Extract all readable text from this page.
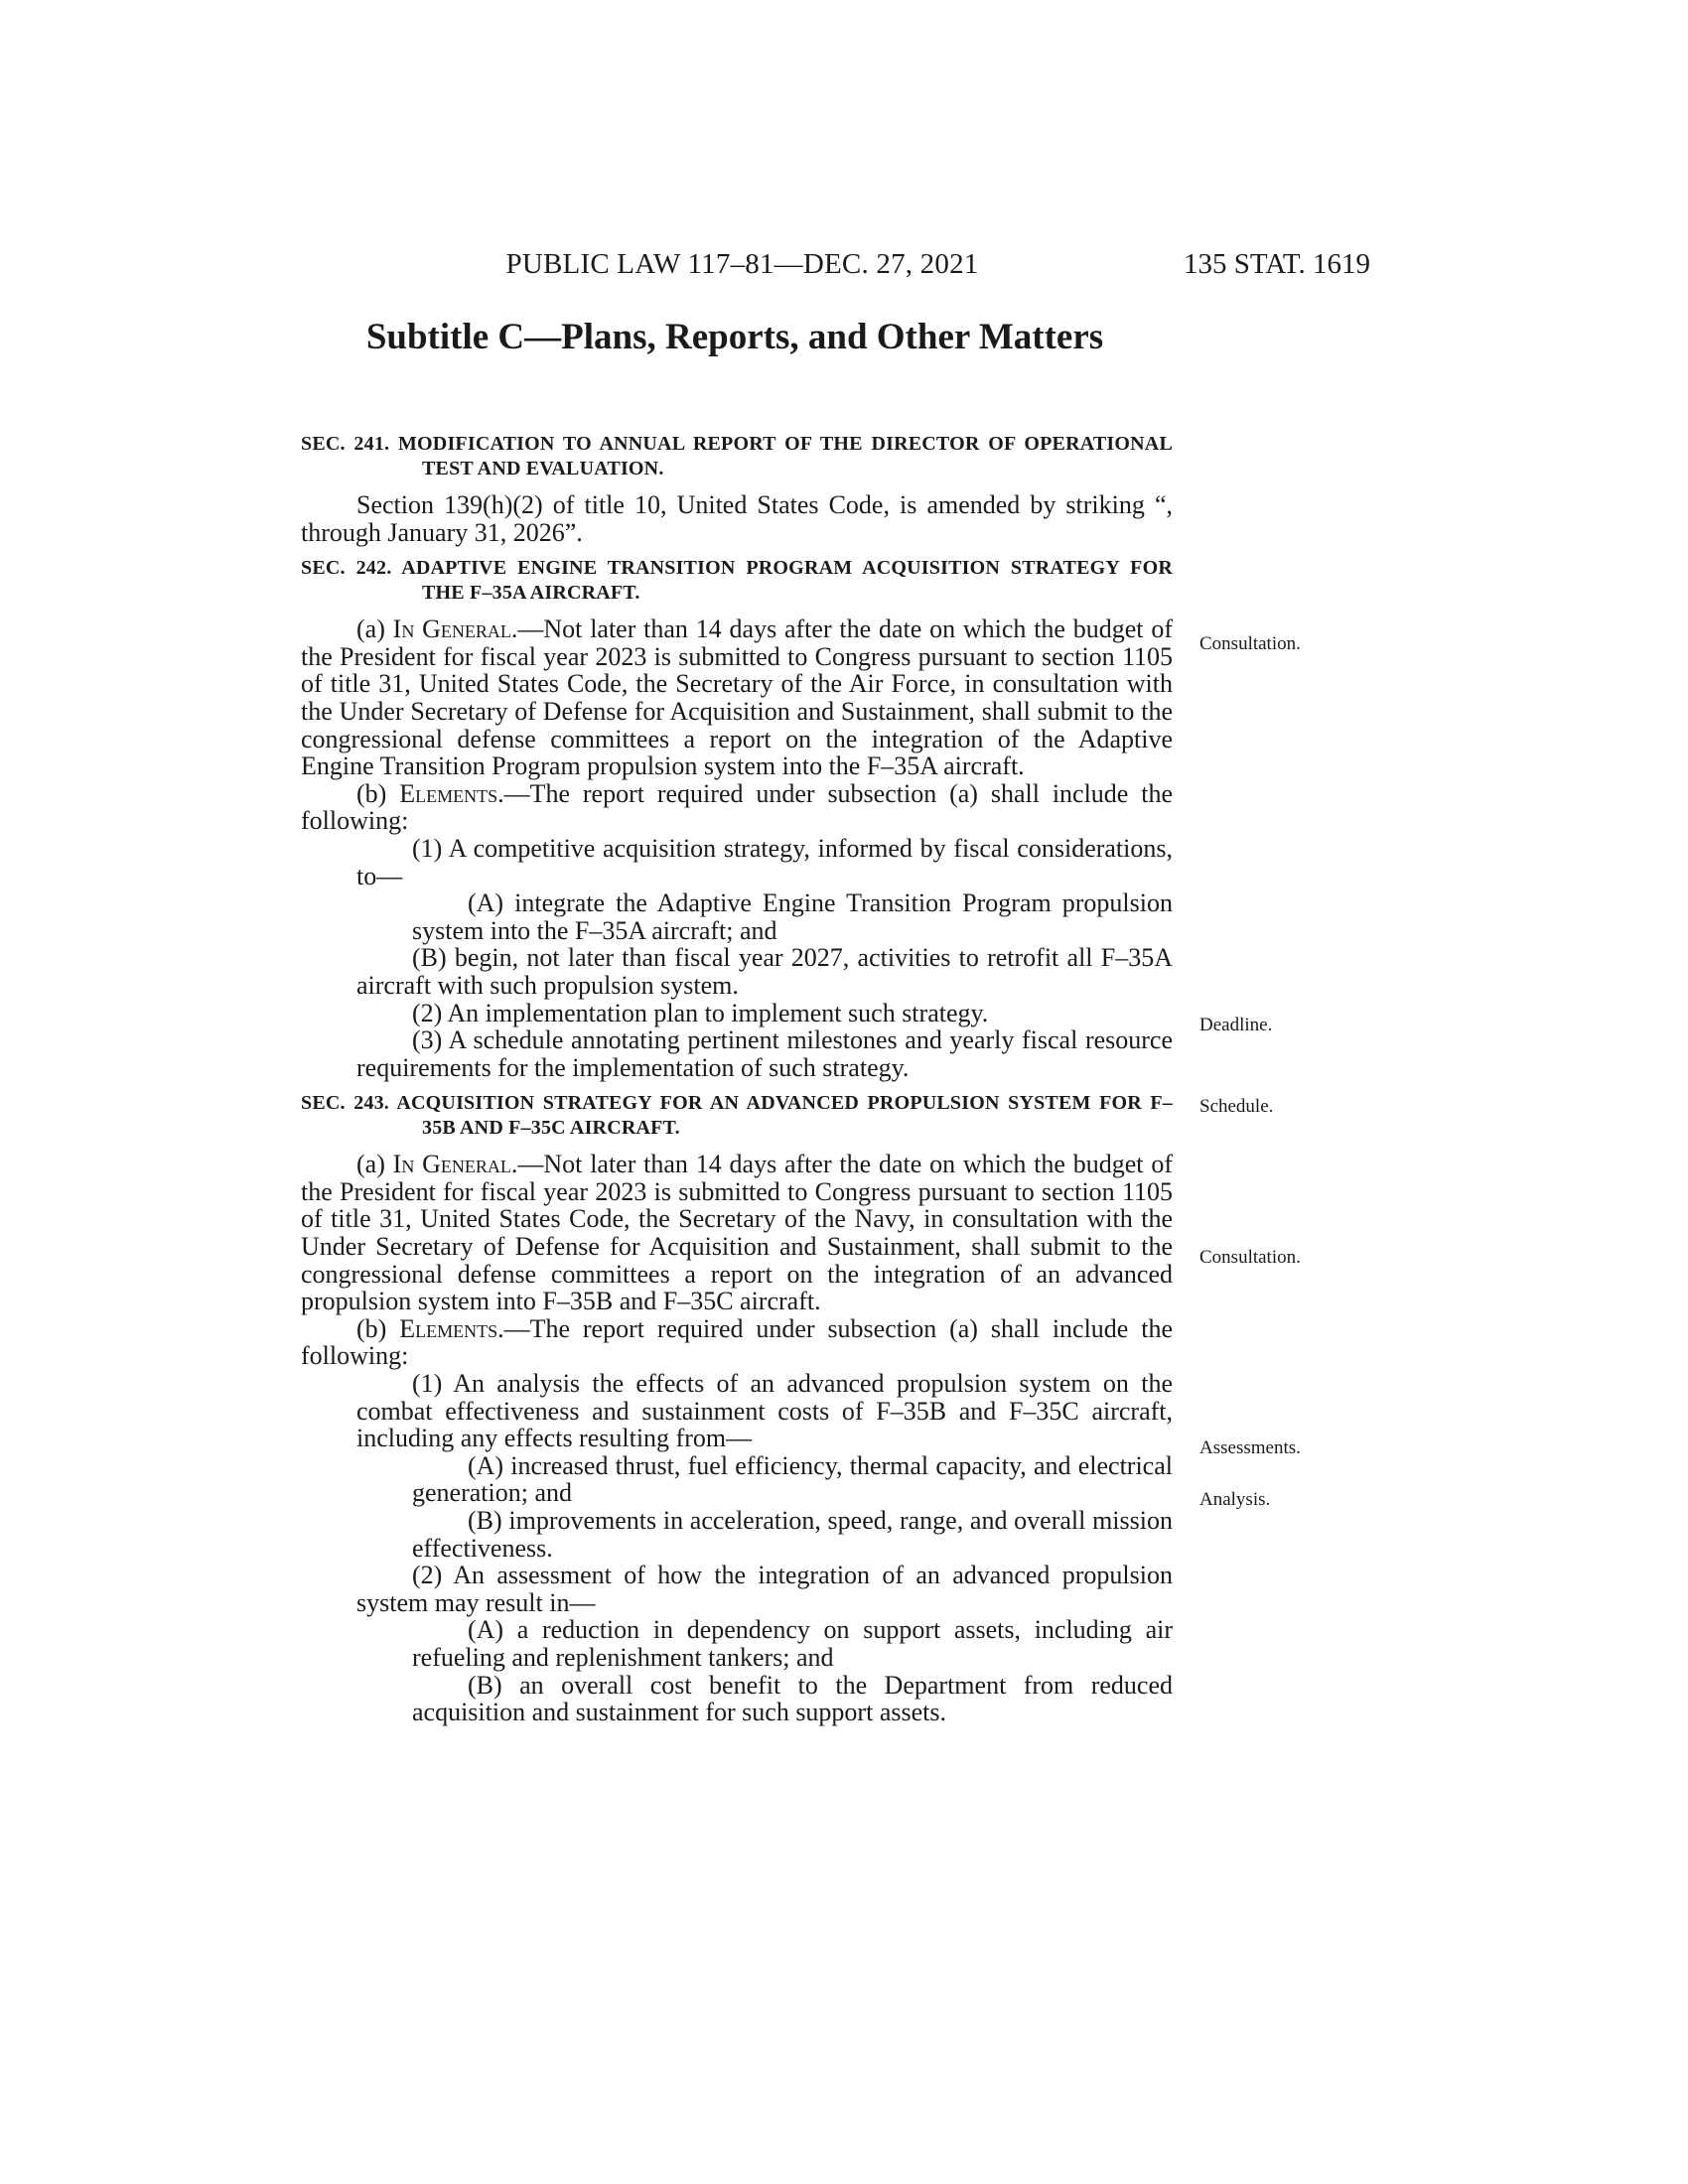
PUBLIC LAW 117–81—DEC. 27, 2021	135 STAT. 1619
Subtitle C—Plans, Reports, and Other Matters

SEC. 241. MODIFICATION TO ANNUAL REPORT OF THE DIRECTOR OF OPERATIONAL TEST AND EVALUATION.

Section 139(h)(2) of title 10, United States Code, is amended by striking “, through January 31, 2026”.

SEC. 242. ADAPTIVE ENGINE TRANSITION PROGRAM ACQUISITION STRATEGY FOR THE F–35A AIRCRAFT.

(a) In General.—Not later than 14 days after the date on which the budget of the President for fiscal year 2023 is submitted to Congress pursuant to section 1105 of title 31, United States Code, the Secretary of the Air Force, in consultation with the Under Secretary of Defense for Acquisition and Sustainment, shall submit to the congressional defense committees a report on the integration of the Adaptive Engine Transition Program propulsion system into the F–35A aircraft.

(b) Elements.—The report required under subsection (a) shall include the following:

(1) A competitive acquisition strategy, informed by fiscal considerations, to—

(A) integrate the Adaptive Engine Transition Program propulsion system into the F–35A aircraft; and

(B) begin, not later than fiscal year 2027, activities to retrofit all F–35A aircraft with such propulsion system.

(2) An implementation plan to implement such strategy.

(3) A schedule annotating pertinent milestones and yearly fiscal resource requirements for the implementation of such strategy.

SEC. 243. ACQUISITION STRATEGY FOR AN ADVANCED PROPULSION SYSTEM FOR F–35B AND F–35C AIRCRAFT.

(a) In General.—Not later than 14 days after the date on which the budget of the President for fiscal year 2023 is submitted to Congress pursuant to section 1105 of title 31, United States Code, the Secretary of the Navy, in consultation with the Under Secretary of Defense for Acquisition and Sustainment, shall submit to the congressional defense committees a report on the integration of an advanced propulsion system into F–35B and F–35C aircraft.

(b) Elements.—The report required under subsection (a) shall include the following:

(1) An analysis the effects of an advanced propulsion system on the combat effectiveness and sustainment costs of F–35B and F–35C aircraft, including any effects resulting from—

(A) increased thrust, fuel efficiency, thermal capacity, and electrical generation; and

(B) improvements in acceleration, speed, range, and overall mission effectiveness.

(2) An assessment of how the integration of an advanced propulsion system may result in—

(A) a reduction in dependency on support assets, including air refueling and replenishment tankers; and

(B) an overall cost benefit to the Department from reduced acquisition and sustainment for such support assets.

Consultation.
Deadline.
Schedule.
Consultation.
Assessments.
Analysis.
